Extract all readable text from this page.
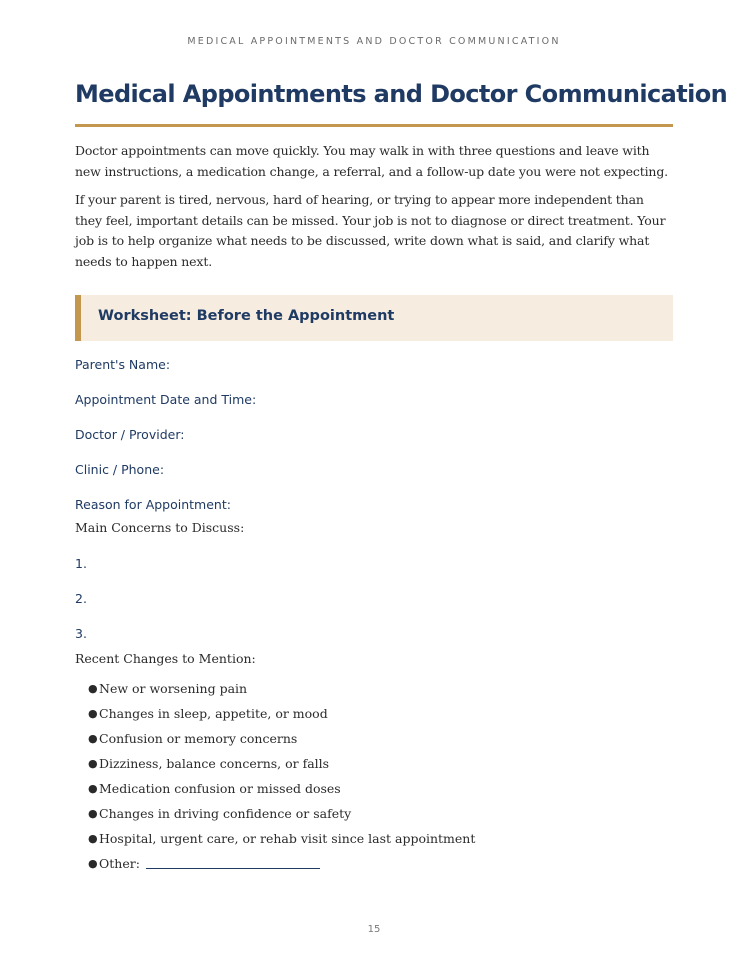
MEDICAL APPOINTMENTS AND DOCTOR COMMUNICATION
Medical Appointments and Doctor Communication

Doctor appointments can move quickly. You may walk in with three questions and leave with new instructions, a medication change, a referral, and a follow-up date you were not expecting.

If your parent is tired, nervous, hard of hearing, or trying to appear more independent than they feel, important details can be missed. Your job is not to diagnose or direct treatment. Your job is to help organize what needs to be discussed, write down what is said, and clarify what needs to happen next.

Worksheet: Before the Appointment
Parent's Name:
Appointment Date and Time:
Doctor / Provider:
Clinic / Phone:
Reason for Appointment:
Main Concerns to Discuss:
1.
2.
3.
Recent Changes to Mention:
● New or worsening pain
● Changes in sleep, appetite, or mood
● Confusion or memory concerns
● Dizziness, balance concerns, or falls
● Medication confusion or missed doses
● Changes in driving confidence or safety
● Hospital, urgent care, or rehab visit since last appointment
● Other:
15
